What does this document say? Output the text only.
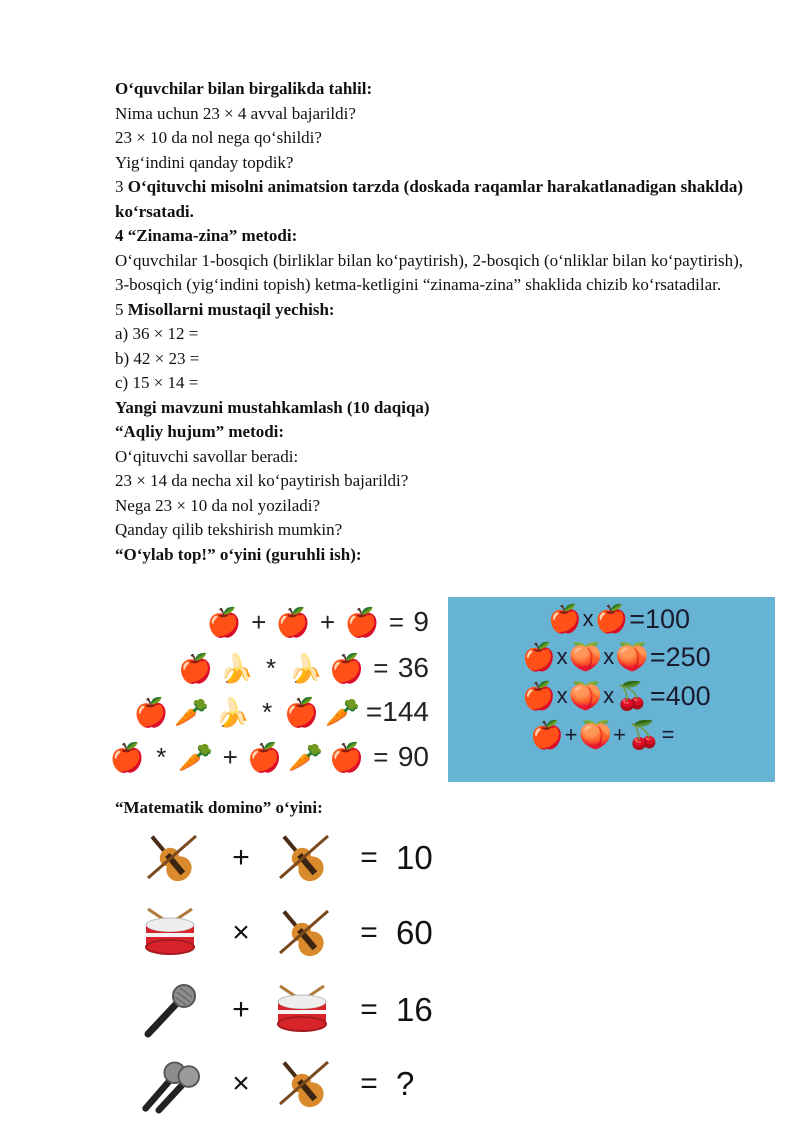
O‘quvchilar bilan birgalikda tahlil:

Nima uchun 23 × 4 avval bajarildi?

23 × 10 da nol nega qo‘shildi?

Yig‘indini qanday topdik?

3 O‘qituvchi misolni animatsion tarzda (doskada raqamlar harakatlanadigan shaklda) ko‘rsatadi.

4 “Zinama-zina” metodi:

O‘quvchilar 1-bosqich (birliklar bilan ko‘paytirish), 2-bosqich (o‘nliklar bilan ko‘paytirish), 3-bosqich (yig‘indini topish) ketma-ketligini “zinama-zina” shaklida chizib ko‘rsatadilar.

5 Misollarni mustaqil yechish:

a) 36 × 12 =

b) 42 × 23 =

c) 15 × 14 =

Yangi mavzuni mustahkamlash (10 daqiqa)

“Aqliy hujum” metodi:

O‘qituvchi savollar beradi:

23 × 14 da necha xil ko‘paytirish bajarildi?

Nega 23 × 10 da nol yoziladi?

Qanday qilib tekshirish mumkin?

“O‘ylab top!” o‘yini (guruhli ish):

🍎 + 🍎 + 🍎 = 9
🍎 🍌 * 🍌 🍎 = 36
🍎 🥕 🍌 * 🍎 🥕 =144
🍎 * 🥕 + 🍎 🥕 🍎 = 90
🍎 x 🍎 =100
🍎 x 🍑 x 🍑 =250
🍎 x 🍑 x 🍒 =400
🍎 + 🍑 + 🍒 =
“Matematik domino” o‘yini:
+	= 10
×	= 60
+	= 16
×	= ?
